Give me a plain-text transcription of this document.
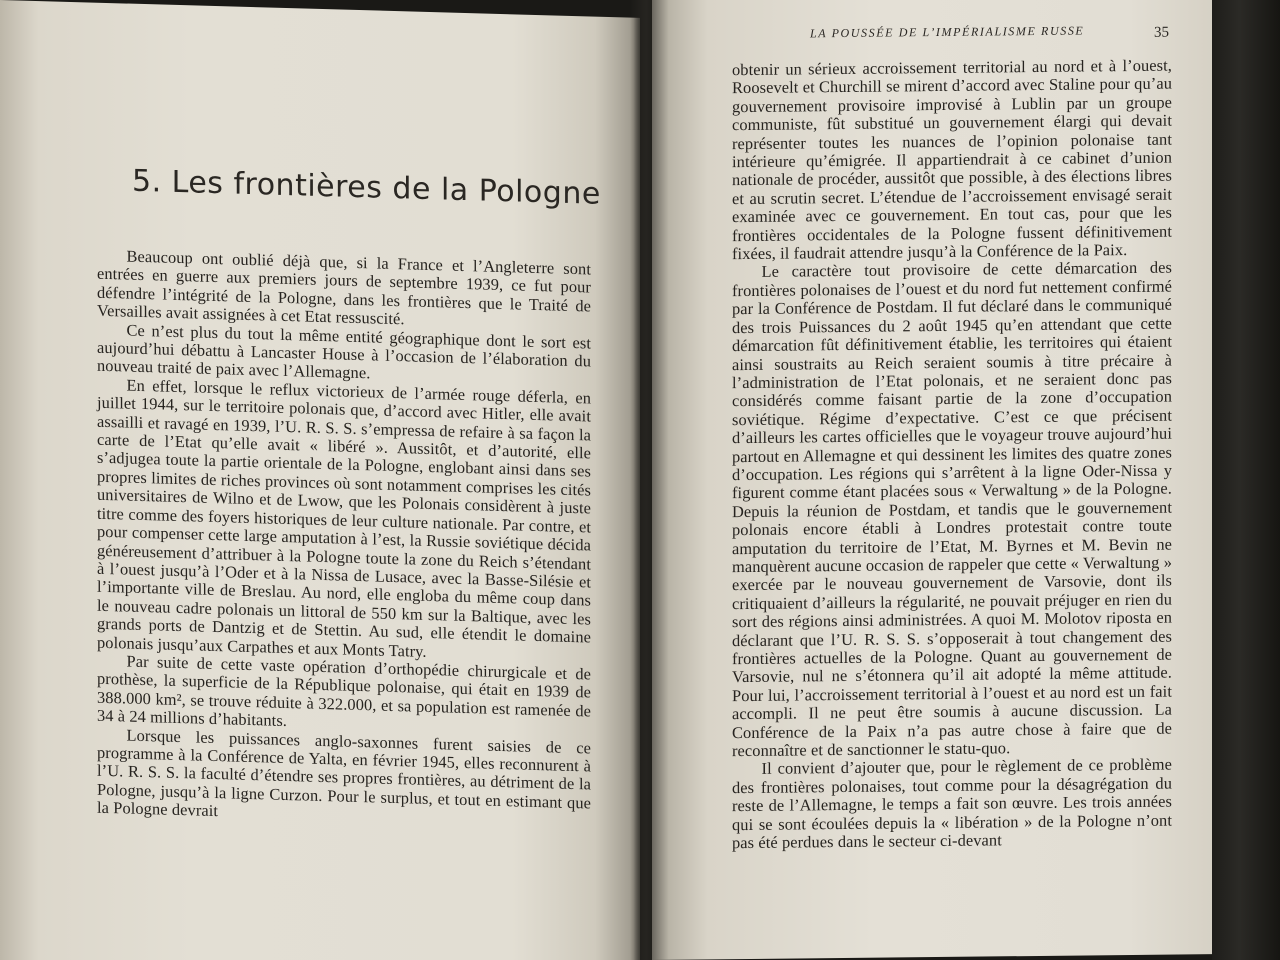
5. Les frontières de la Pologne

Beaucoup ont oublié déjà que, si la France et l’Angleterre sont entrées en guerre aux premiers jours de septembre 1939, ce fut pour défendre l’intégrité de la Pologne, dans les frontières que le Traité de Versailles avait assignées à cet Etat ressuscité.

Ce n’est plus du tout la même entité géographique dont le sort est aujourd’hui débattu à Lancaster House à l’occasion de l’élaboration du nouveau traité de paix avec l’Allemagne.

En effet, lorsque le reflux victorieux de l’armée rouge déferla, en juillet 1944, sur le territoire polonais que, d’accord avec Hitler, elle avait assailli et ravagé en 1939, l’U. R. S. S. s’empressa de refaire à sa façon la carte de l’Etat qu’elle avait « libéré ». Aussitôt, et d’autorité, elle s’adjugea toute la partie orientale de la Pologne, englobant ainsi dans ses propres limites de riches provinces où sont notamment comprises les cités universitaires de Wilno et de Lwow, que les Polonais considèrent à juste titre comme des foyers historiques de leur culture nationale. Par contre, et pour compenser cette large amputation à l’est, la Russie soviétique décida généreusement d’attribuer à la Pologne toute la zone du Reich s’étendant à l’ouest jusqu’à l’Oder et à la Nissa de Lusace, avec la Basse-Silésie et l’importante ville de Breslau. Au nord, elle engloba du même coup dans le nouveau cadre polonais un littoral de 550 km sur la Baltique, avec les grands ports de Dantzig et de Stettin. Au sud, elle étendit le domaine polonais jusqu’aux Carpathes et aux Monts Tatry.

Par suite de cette vaste opération d’orthopédie chirurgicale et de prothèse, la superficie de la République polonaise, qui était en 1939 de 388.000 km², se trouve réduite à 322.000, et sa population est ramenée de 34 à 24 millions d’habitants.

Lorsque les puissances anglo-saxonnes furent saisies de ce programme à la Conférence de Yalta, en février 1945, elles reconnurent à l’U. R. S. S. la faculté d’étendre ses propres frontières, au détriment de la Pologne, jusqu’à la ligne Curzon. Pour le surplus, et tout en estimant que la Pologne devrait

LA POUSSÉE DE L’IMPÉRIALISME RUSSE	35

obtenir un sérieux accroissement territorial au nord et à l’ouest, Roosevelt et Churchill se mirent d’accord avec Staline pour qu’au gouvernement provisoire improvisé à Lublin par un groupe communiste, fût substitué un gouvernement élargi qui devait représenter toutes les nuances de l’opinion polonaise tant intérieure qu’émigrée. Il appartiendrait à ce cabinet d’union nationale de procéder, aussitôt que possible, à des élections libres et au scrutin secret. L’étendue de l’accroissement envisagé serait examinée avec ce gouvernement. En tout cas, pour que les frontières occidentales de la Pologne fussent définitivement fixées, il faudrait attendre jusqu’à la Conférence de la Paix.

Le caractère tout provisoire de cette démarcation des frontières polonaises de l’ouest et du nord fut nettement confirmé par la Conférence de Postdam. Il fut déclaré dans le communiqué des trois Puissances du 2 août 1945 qu’en attendant que cette démarcation fût définitivement établie, les territoires qui étaient ainsi soustraits au Reich seraient soumis à titre précaire à l’administration de l’Etat polonais, et ne seraient donc pas considérés comme faisant partie de la zone d’occupation soviétique. Régime d’expectative. C’est ce que précisent d’ailleurs les cartes officielles que le voyageur trouve aujourd’hui partout en Allemagne et qui dessinent les limites des quatre zones d’occupation. Les régions qui s’arrêtent à la ligne Oder-Nissa y figurent comme étant placées sous « Verwaltung » de la Pologne. Depuis la réunion de Postdam, et tandis que le gouvernement polonais encore établi à Londres protestait contre toute amputation du territoire de l’Etat, M. Byrnes et M. Bevin ne manquèrent aucune occasion de rappeler que cette « Verwaltung » exercée par le nouveau gouvernement de Varsovie, dont ils critiquaient d’ailleurs la régularité, ne pouvait préjuger en rien du sort des régions ainsi administrées. A quoi M. Molotov riposta en déclarant que l’U. R. S. S. s’opposerait à tout changement des frontières actuelles de la Pologne. Quant au gouvernement de Varsovie, nul ne s’étonnera qu’il ait adopté la même attitude. Pour lui, l’accroissement territorial à l’ouest et au nord est un fait accompli. Il ne peut être soumis à aucune discussion. La Conférence de la Paix n’a pas autre chose à faire que de reconnaître et de sanctionner le statu-quo.

Il convient d’ajouter que, pour le règlement de ce problème des frontières polonaises, tout comme pour la désagrégation du reste de l’Allemagne, le temps a fait son œuvre. Les trois années qui se sont écoulées depuis la « libération » de la Pologne n’ont pas été perdues dans le secteur ci-devant
